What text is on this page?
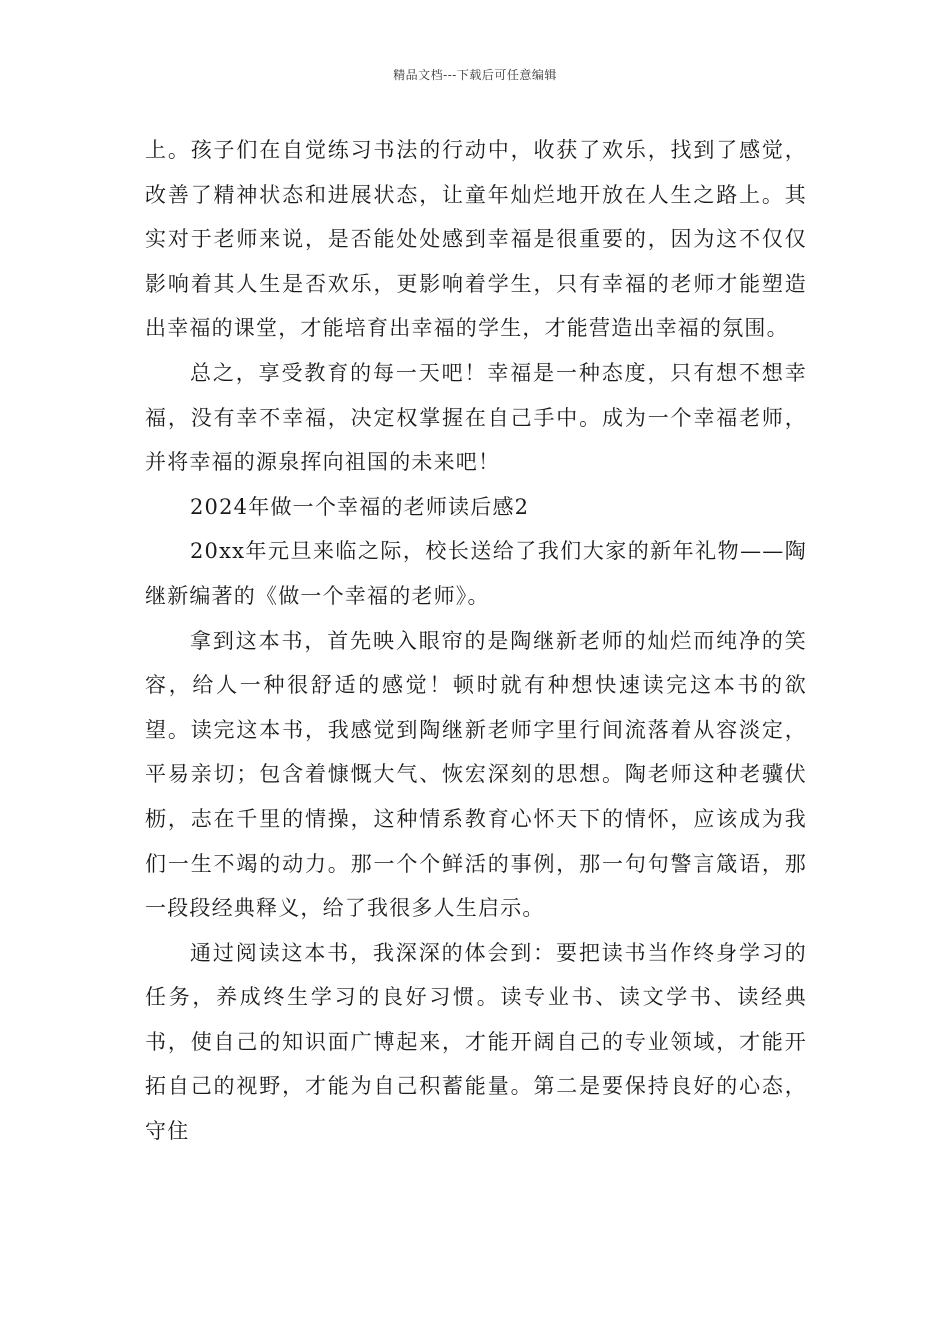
精品文档---下载后可任意编辑

上。孩子们在自觉练习书法的行动中，收获了欢乐，找到了感觉，改善了精神状态和进展状态，让童年灿烂地开放在人生之路上。其实对于老师来说，是否能处处感到幸福是很重要的，因为这不仅仅影响着其人生是否欢乐，更影响着学生，只有幸福的老师才能塑造出幸福的课堂，才能培育出幸福的学生，才能营造出幸福的氛围。

总之，享受教育的每一天吧！幸福是一种态度，只有想不想幸福，没有幸不幸福，决定权掌握在自己手中。成为一个幸福老师，并将幸福的源泉挥向祖国的未来吧！

2024年做一个幸福的老师读后感2

20xx年元旦来临之际，校长送给了我们大家的新年礼物——陶继新编著的《做一个幸福的老师》。

拿到这本书，首先映入眼帘的是陶继新老师的灿烂而纯净的笑容，给人一种很舒适的感觉！顿时就有种想快速读完这本书的欲望。读完这本书，我感觉到陶继新老师字里行间流落着从容淡定，平易亲切；包含着慷慨大气、恢宏深刻的思想。陶老师这种老骥伏枥，志在千里的情操，这种情系教育心怀天下的情怀，应该成为我们一生不竭的动力。那一个个鲜活的事例，那一句句警言箴语，那一段段经典释义，给了我很多人生启示。

通过阅读这本书，我深深的体会到：要把读书当作终身学习的任务，养成终生学习的良好习惯。读专业书、读文学书、读经典书，使自己的知识面广博起来，才能开阔自己的专业领域，才能开拓自己的视野，才能为自己积蓄能量。第二是要保持良好的心态，守住
